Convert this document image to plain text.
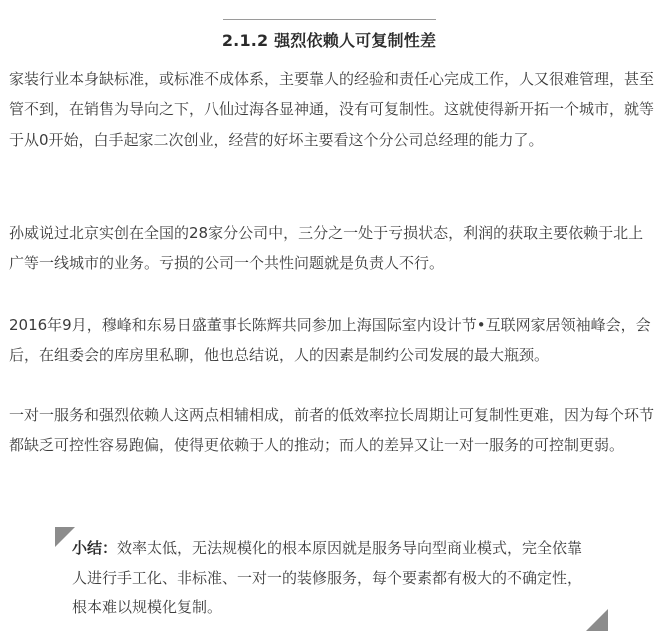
2.1.2 强烈依赖人可复制性差

家装行业本身缺标准，或标准不成体系，主要靠人的经验和责任心完成工作，人又很难管理，甚至管不到，在销售为导向之下，八仙过海各显神通，没有可复制性。这就使得新开拓一个城市，就等于从0开始，白手起家二次创业，经营的好坏主要看这个分公司总经理的能力了。

孙威说过北京实创在全国的28家分公司中，三分之一处于亏损状态，利润的获取主要依赖于北上广等一线城市的业务。亏损的公司一个共性问题就是负责人不行。

2016年9月，穆峰和东易日盛董事长陈辉共同参加上海国际室内设计节•互联网家居领袖峰会，会后，在组委会的库房里私聊，他也总结说，人的因素是制约公司发展的最大瓶颈。

一对一服务和强烈依赖人这两点相辅相成，前者的低效率拉长周期让可复制性更难，因为每个环节都缺乏可控性容易跑偏，使得更依赖于人的推动；而人的差异又让一对一服务的可控制更弱。

小结：效率太低，无法规模化的根本原因就是服务导向型商业模式，完全依靠人进行手工化、非标准、一对一的装修服务，每个要素都有极大的不确定性，根本难以规模化复制。
